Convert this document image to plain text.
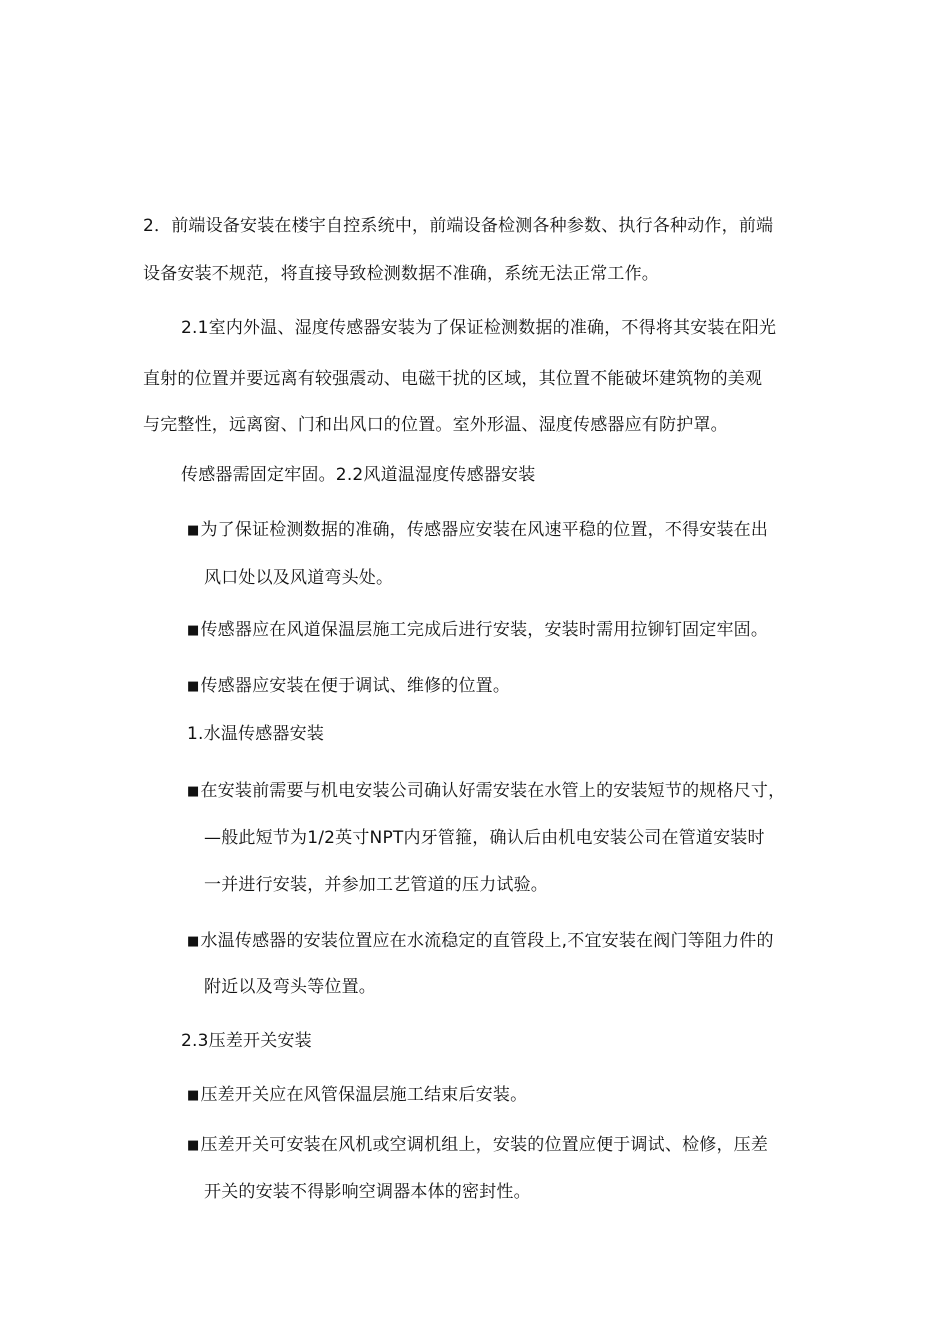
2．前端设备安装在楼宇自控系统中，前端设备检测各种参数、执行各种动作，前端
设备安装不规范，将直接导致检测数据不准确，系统无法正常工作。
2.1室内外温、湿度传感器安装为了保证检测数据的准确，不得将其安装在阳光
直射的位置并要远离有较强震动、电磁干扰的区域，其位置不能破坏建筑物的美观
与完整性，远离窗、门和出风口的位置。室外形温、湿度传感器应有防护罩。
传感器需固定牢固。2.2风道温湿度传感器安装
■为了保证检测数据的准确，传感器应安装在风速平稳的位置，不得安装在出
风口处以及风道弯头处。
■传感器应在风道保温层施工完成后进行安装，安装时需用拉铆钉固定牢固。
■传感器应安装在便于调试、维修的位置。
1.水温传感器安装
■在安装前需要与机电安装公司确认好需安装在水管上的安装短节的规格尺寸，
—般此短节为1/2英寸NPT内牙管箍，确认后由机电安装公司在管道安装时
一并进行安装，并参加工艺管道的压力试验。
■水温传感器的安装位置应在水流稳定的直管段上,不宜安装在阀门等阻力件的
附近以及弯头等位置。
2.3压差开关安装
■压差开关应在风管保温层施工结束后安装。
■压差开关可安装在风机或空调机组上，安装的位置应便于调试、检修，压差
开关的安装不得影响空调器本体的密封性。
